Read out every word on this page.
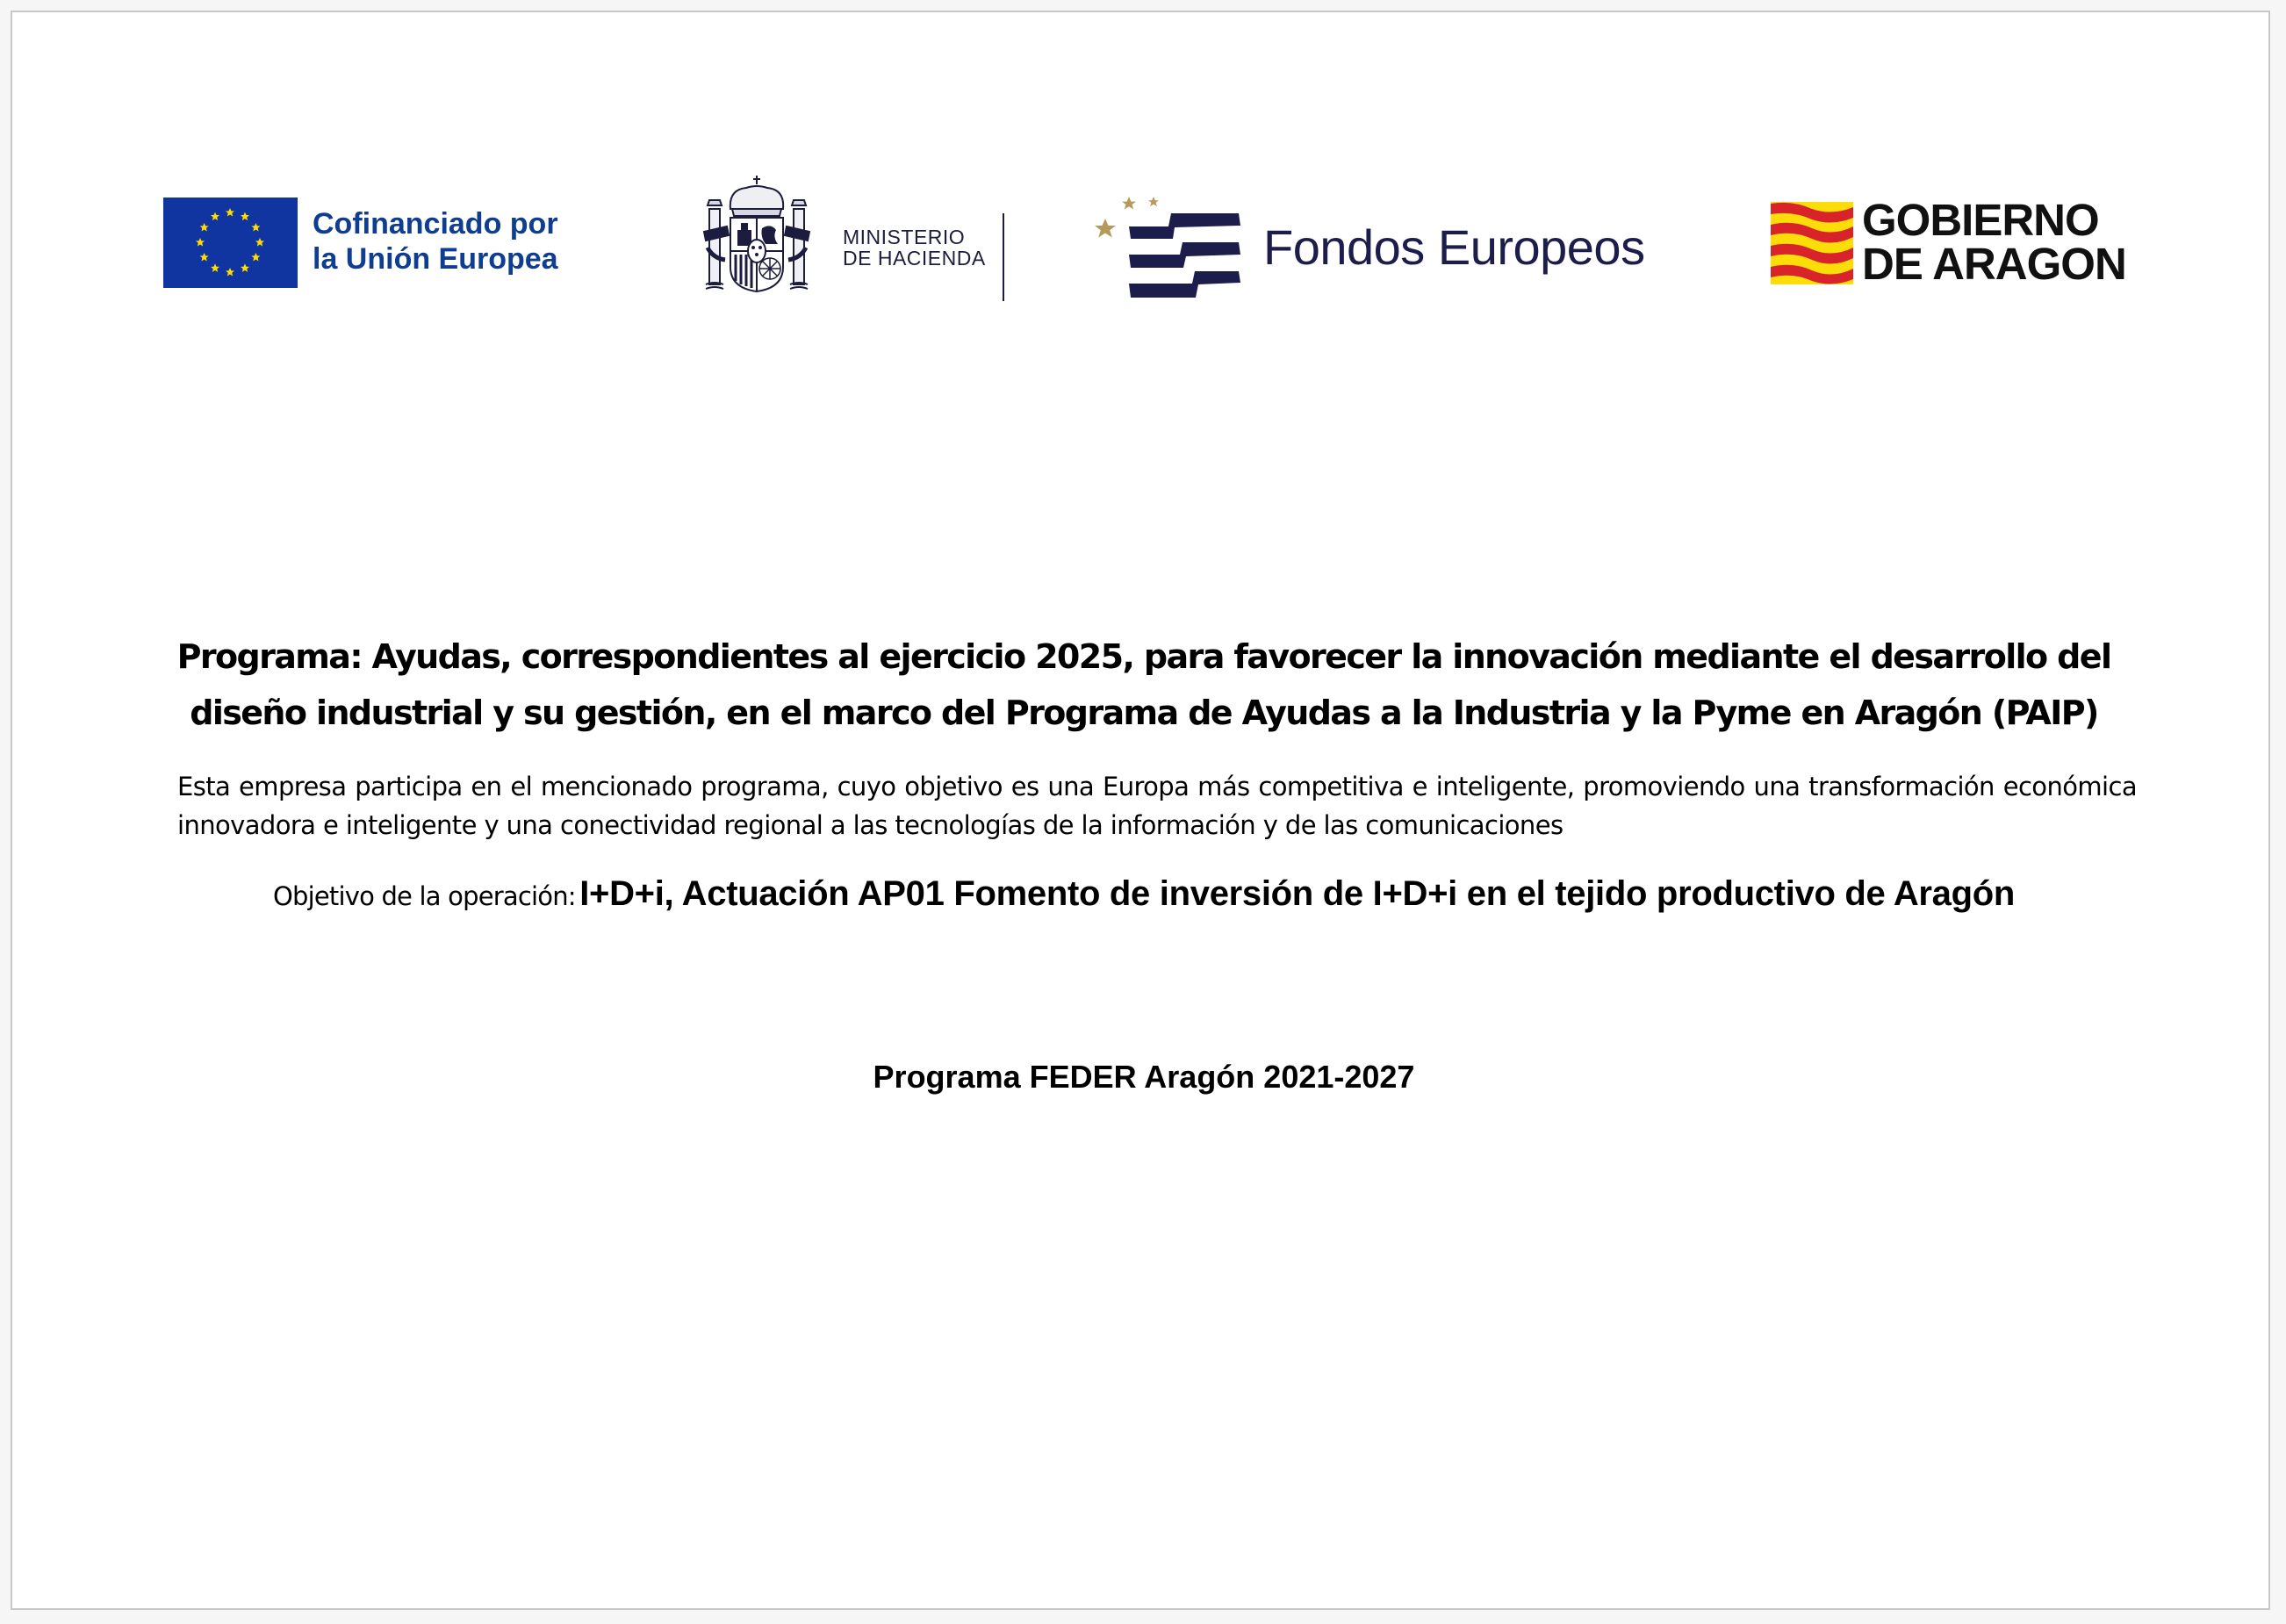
Cofinanciado por
la Unión Europea
MINISTERIO
DE HACIENDA	Fondos Europeos	GOBIERNO
DE ARAGON
Programa: Ayudas, correspondientes al ejercicio 2025, para favorecer la innovación mediante el desarrollo del
diseño industrial y su gestión, en el marco del Programa de Ayudas a la Industria y la Pyme en Aragón (PAIP)
Esta empresa participa en el mencionado programa, cuyo objetivo es una Europa más competitiva e inteligente, promoviendo una transformación económica innovadora e inteligente y una conectividad regional a las tecnologías de la información y de las comunicaciones
Objetivo de la operación: I+D+i, Actuación AP01 Fomento de inversión de I+D+i en el tejido productivo de Aragón
Programa FEDER Aragón 2021-2027
